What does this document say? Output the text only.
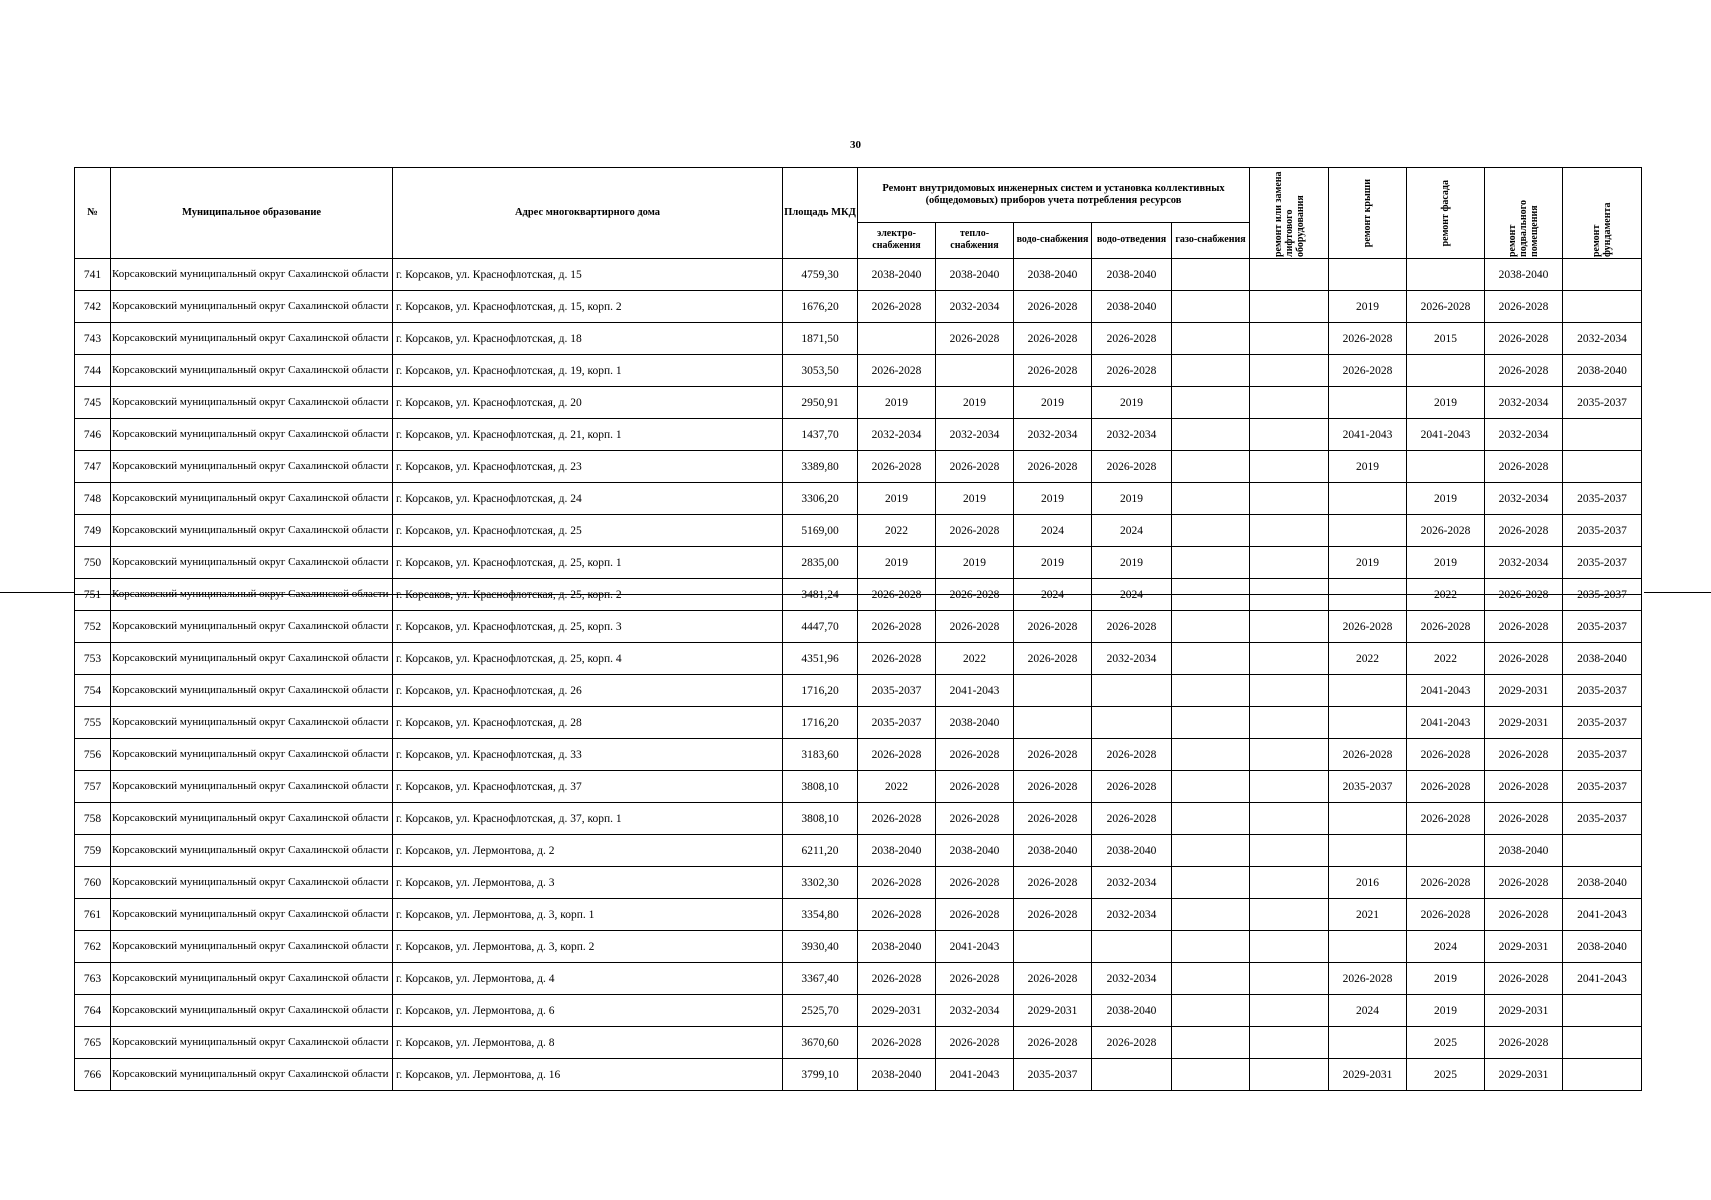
30
№	Муниципальное образование	Адрес многоквартирного дома	Площадь МКД	Ремонт внутридомовых инженерных систем и установка коллективных (общедомовых) приборов учета потребления ресурсов					ремонт или замена лифтового оборудования	ремонт крыши	ремонт фасада	ремонт подвального помещения	ремонт фундамента

				электро-снабжения	тепло-снабжения	водо-снабжения	водо-отведения	газо-снабжения					
741	Корсаковский муниципальный округ Сахалинской области	г. Корсаков, ул. Краснофлотская, д. 15	4759,30	2038-2040	2038-2040	2038-2040	2038-2040					2038-2040	
742	Корсаковский муниципальный округ Сахалинской области	г. Корсаков, ул. Краснофлотская, д. 15, корп. 2	1676,20	2026-2028	2032-2034	2026-2028	2038-2040			2019	2026-2028	2026-2028	
743	Корсаковский муниципальный округ Сахалинской области	г. Корсаков, ул. Краснофлотская, д. 18	1871,50		2026-2028	2026-2028	2026-2028			2026-2028	2015	2026-2028	2032-2034
744	Корсаковский муниципальный округ Сахалинской области	г. Корсаков, ул. Краснофлотская, д. 19, корп. 1	3053,50	2026-2028		2026-2028	2026-2028			2026-2028		2026-2028	2038-2040
745	Корсаковский муниципальный округ Сахалинской области	г. Корсаков, ул. Краснофлотская, д. 20	2950,91	2019	2019	2019	2019				2019	2032-2034	2035-2037
746	Корсаковский муниципальный округ Сахалинской области	г. Корсаков, ул. Краснофлотская, д. 21, корп. 1	1437,70	2032-2034	2032-2034	2032-2034	2032-2034			2041-2043	2041-2043	2032-2034	
747	Корсаковский муниципальный округ Сахалинской области	г. Корсаков, ул. Краснофлотская, д. 23	3389,80	2026-2028	2026-2028	2026-2028	2026-2028			2019		2026-2028	
748	Корсаковский муниципальный округ Сахалинской области	г. Корсаков, ул. Краснофлотская, д. 24	3306,20	2019	2019	2019	2019				2019	2032-2034	2035-2037
749	Корсаковский муниципальный округ Сахалинской области	г. Корсаков, ул. Краснофлотская, д. 25	5169,00	2022	2026-2028	2024	2024				2026-2028	2026-2028	2035-2037
750	Корсаковский муниципальный округ Сахалинской области	г. Корсаков, ул. Краснофлотская, д. 25, корп. 1	2835,00	2019	2019	2019	2019			2019	2019	2032-2034	2035-2037
751	Корсаковский муниципальный округ Сахалинской области	г. Корсаков, ул. Краснофлотская, д. 25, корп. 2	3481,24	2026-2028	2026-2028	2024	2024				2022	2026-2028	2035-2037
752	Корсаковский муниципальный округ Сахалинской области	г. Корсаков, ул. Краснофлотская, д. 25, корп. 3	4447,70	2026-2028	2026-2028	2026-2028	2026-2028			2026-2028	2026-2028	2026-2028	2035-2037
753	Корсаковский муниципальный округ Сахалинской области	г. Корсаков, ул. Краснофлотская, д. 25, корп. 4	4351,96	2026-2028	2022	2026-2028	2032-2034			2022	2022	2026-2028	2038-2040
754	Корсаковский муниципальный округ Сахалинской области	г. Корсаков, ул. Краснофлотская, д. 26	1716,20	2035-2037	2041-2043						2041-2043	2029-2031	2035-2037
755	Корсаковский муниципальный округ Сахалинской области	г. Корсаков, ул. Краснофлотская, д. 28	1716,20	2035-2037	2038-2040						2041-2043	2029-2031	2035-2037
756	Корсаковский муниципальный округ Сахалинской области	г. Корсаков, ул. Краснофлотская, д. 33	3183,60	2026-2028	2026-2028	2026-2028	2026-2028			2026-2028	2026-2028	2026-2028	2035-2037
757	Корсаковский муниципальный округ Сахалинской области	г. Корсаков, ул. Краснофлотская, д. 37	3808,10	2022	2026-2028	2026-2028	2026-2028			2035-2037	2026-2028	2026-2028	2035-2037
758	Корсаковский муниципальный округ Сахалинской области	г. Корсаков, ул. Краснофлотская, д. 37, корп. 1	3808,10	2026-2028	2026-2028	2026-2028	2026-2028				2026-2028	2026-2028	2035-2037
759	Корсаковский муниципальный округ Сахалинской области	г. Корсаков, ул. Лермонтова, д. 2	6211,20	2038-2040	2038-2040	2038-2040	2038-2040					2038-2040	
760	Корсаковский муниципальный округ Сахалинской области	г. Корсаков, ул. Лермонтова, д. 3	3302,30	2026-2028	2026-2028	2026-2028	2032-2034			2016	2026-2028	2026-2028	2038-2040
761	Корсаковский муниципальный округ Сахалинской области	г. Корсаков, ул. Лермонтова, д. 3, корп. 1	3354,80	2026-2028	2026-2028	2026-2028	2032-2034			2021	2026-2028	2026-2028	2041-2043
762	Корсаковский муниципальный округ Сахалинской области	г. Корсаков, ул. Лермонтова, д. 3, корп. 2	3930,40	2038-2040	2041-2043						2024	2029-2031	2038-2040
763	Корсаковский муниципальный округ Сахалинской области	г. Корсаков, ул. Лермонтова, д. 4	3367,40	2026-2028	2026-2028	2026-2028	2032-2034			2026-2028	2019	2026-2028	2041-2043
764	Корсаковский муниципальный округ Сахалинской области	г. Корсаков, ул. Лермонтова, д. 6	2525,70	2029-2031	2032-2034	2029-2031	2038-2040			2024	2019	2029-2031	
765	Корсаковский муниципальный округ Сахалинской области	г. Корсаков, ул. Лермонтова, д. 8	3670,60	2026-2028	2026-2028	2026-2028	2026-2028				2025	2026-2028	
766	Корсаковский муниципальный округ Сахалинской области	г. Корсаков, ул. Лермонтова, д. 16	3799,10	2038-2040	2041-2043	2035-2037				2029-2031	2025	2029-2031	
